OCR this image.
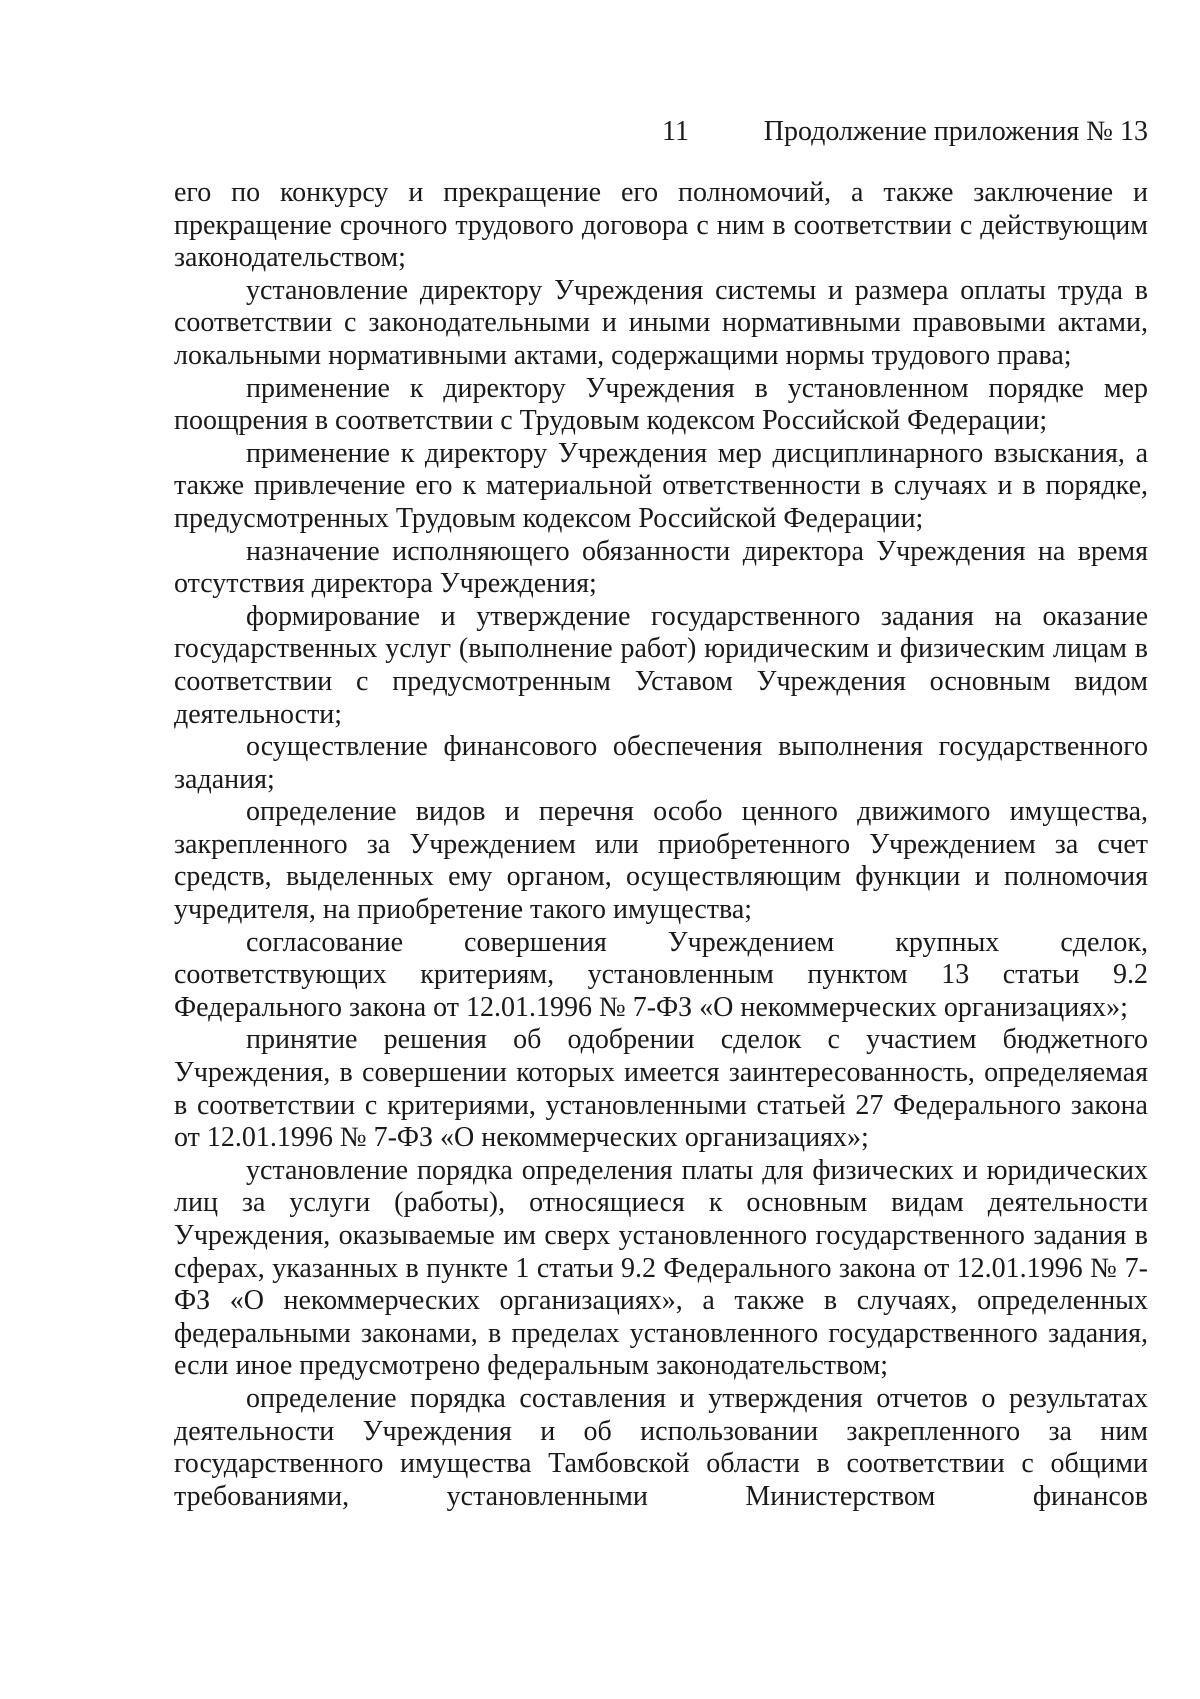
11	Продолжение приложения № 13

его по конкурсу и прекращение его полномочий, а также заключение и прекращение срочного трудового договора с ним в соответствии с действующим законодательством;

установление директору Учреждения системы и размера оплаты труда в соответствии с законодательными и иными нормативными правовыми актами, локальными нормативными актами, содержащими нормы трудового права;

применение к директору Учреждения в установленном порядке мер поощрения в соответствии с Трудовым кодексом Российской Федерации;

применение к директору Учреждения мер дисциплинарного взыскания, а также привлечение его к материальной ответственности в случаях и в порядке, предусмотренных Трудовым кодексом Российской Федерации;

назначение исполняющего обязанности директора Учреждения на время отсутствия директора Учреждения;

формирование и утверждение государственного задания на оказание государственных услуг (выполнение работ) юридическим и физическим лицам в соответствии с предусмотренным Уставом Учреждения основным видом деятельности;

осуществление финансового обеспечения выполнения государственного задания;

определение видов и перечня особо ценного движимого имущества, закрепленного за Учреждением или приобретенного Учреждением за счет средств, выделенных ему органом, осуществляющим функции и полномочия учредителя, на приобретение такого имущества;

согласование совершения Учреждением крупных сделок, соответствующих критериям, установленным пунктом 13 статьи 9.2 Федерального закона от 12.01.1996 № 7-ФЗ «О некоммерческих организациях»;

принятие решения об одобрении сделок с участием бюджетного Учреждения, в совершении которых имеется заинтересованность, определяемая в соответствии с критериями, установленными статьей 27 Федерального закона от 12.01.1996 № 7-ФЗ «О некоммерческих организациях»;

установление порядка определения платы для физических и юридических лиц за услуги (работы), относящиеся к основным видам деятельности Учреждения, оказываемые им сверх установленного государственного задания в сферах, указанных в пункте 1 статьи 9.2 Федерального закона от 12.01.1996 № 7-ФЗ «О некоммерческих организациях», а также в случаях, определенных федеральными законами, в пределах установленного государственного задания, если иное предусмотрено федеральным законодательством;

определение порядка составления и утверждения отчетов о результатах деятельности Учреждения и об использовании закрепленного за ним государственного имущества Тамбовской области в соответствии с общими требованиями, установленными Министерством финансов
